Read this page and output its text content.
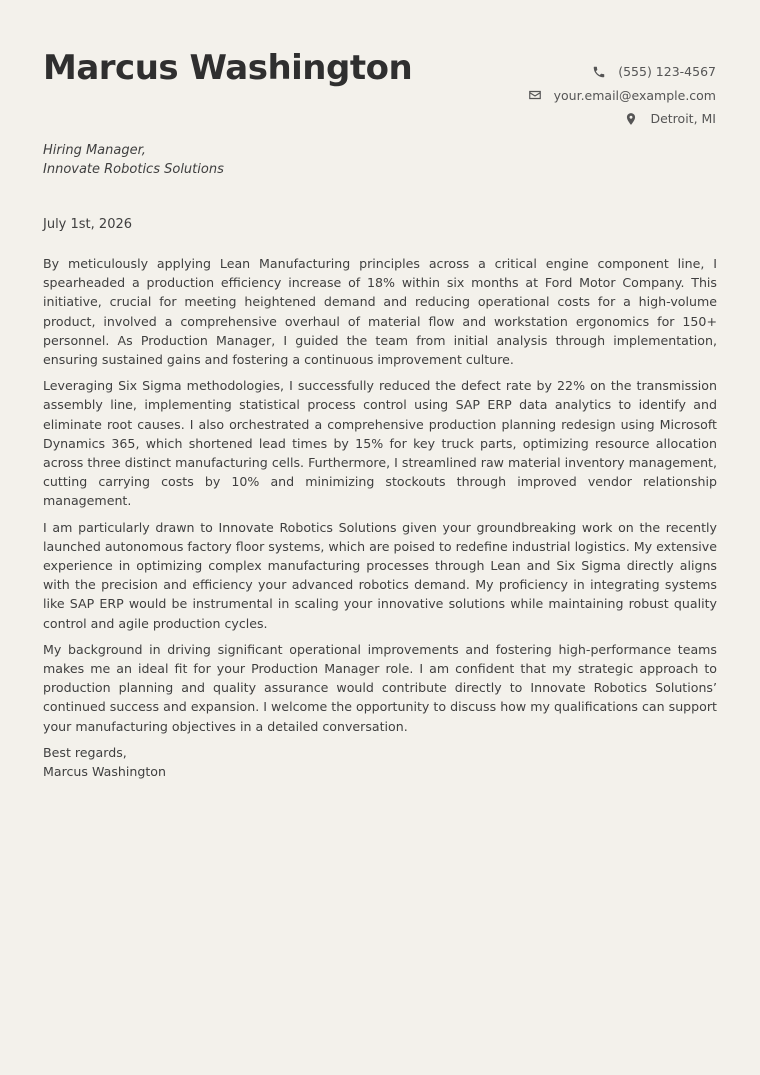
Marcus Washington	(555) 123-4567
your.email@example.com
Detroit, MI
Hiring Manager,
Innovate Robotics Solutions
July 1st, 2026

By meticulously applying Lean Manufacturing principles across a critical engine component line, I spearheaded a production efficiency increase of 18% within six months at Ford Motor Company. This initiative, crucial for meeting heightened demand and reducing operational costs for a high-volume product, involved a comprehensive overhaul of material flow and workstation ergonomics for 150+ personnel. As Production Manager, I guided the team from initial analysis through implementation, ensuring sustained gains and fostering a continuous improvement culture.

Leveraging Six Sigma methodologies, I successfully reduced the defect rate by 22% on the transmission assembly line, implementing statistical process control using SAP ERP data analytics to identify and eliminate root causes. I also orchestrated a comprehensive production planning redesign using Microsoft Dynamics 365, which shortened lead times by 15% for key truck parts, optimizing resource allocation across three distinct manufacturing cells. Furthermore, I streamlined raw material inventory management, cutting carrying costs by 10% and minimizing stockouts through improved vendor relationship management.

I am particularly drawn to Innovate Robotics Solutions given your groundbreaking work on the recently launched autonomous factory floor systems, which are poised to redefine industrial logistics. My extensive experience in optimizing complex manufacturing processes through Lean and Six Sigma directly aligns with the precision and efficiency your advanced robotics demand. My proficiency in integrating systems like SAP ERP would be instrumental in scaling your innovative solutions while maintaining robust quality control and agile production cycles.

My background in driving significant operational improvements and fostering high-performance teams makes me an ideal fit for your Production Manager role. I am confident that my strategic approach to production planning and quality assurance would contribute directly to Innovate Robotics Solutions’ continued success and expansion. I welcome the opportunity to discuss how my qualifications can support your manufacturing objectives in a detailed conversation.

Best regards,
Marcus Washington
